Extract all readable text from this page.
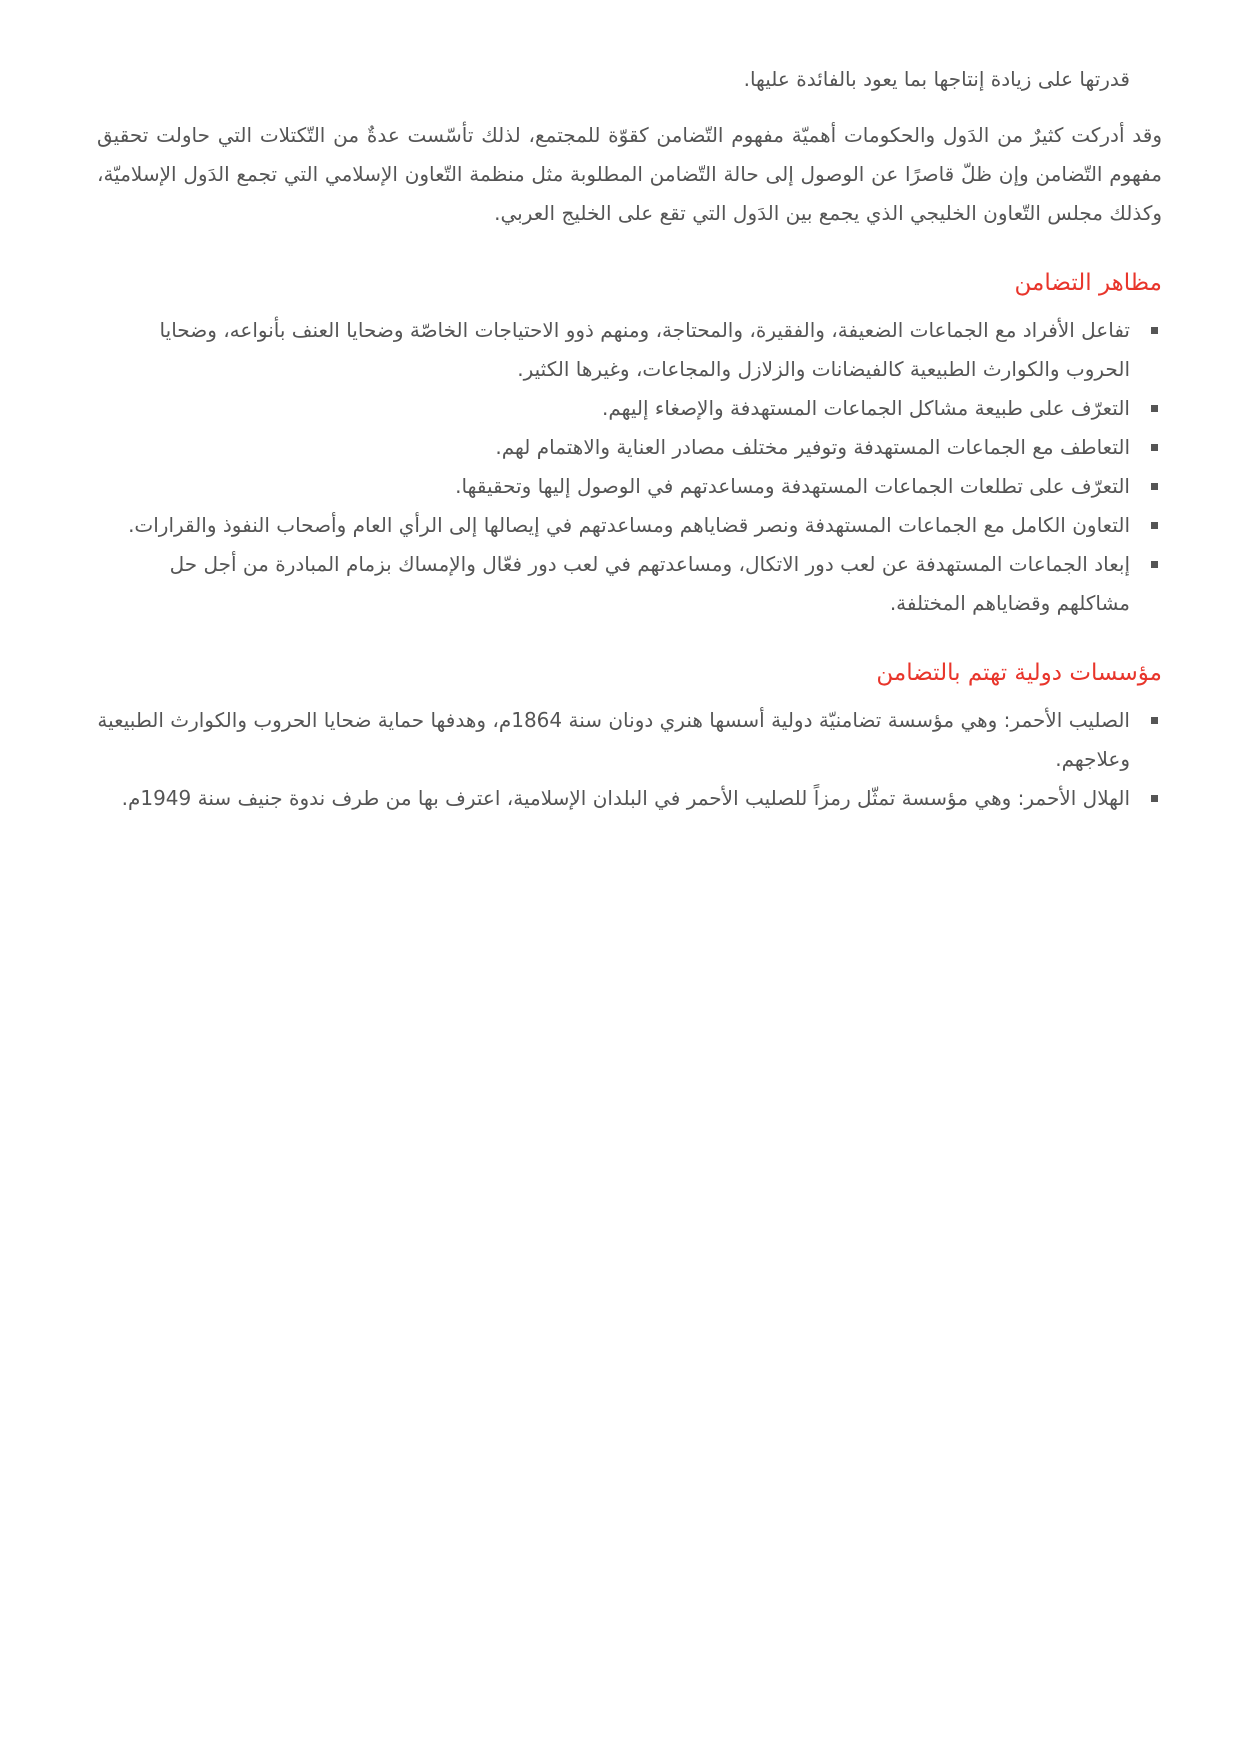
قدرتها على زيادة إنتاجها بما يعود بالفائدة عليها.

وقد أدركت كثيرٌ من الدَول والحكومات أهميّة مفهوم التّضامن كقوّة للمجتمع، لذلك تأسّست عدةٌ من التّكتلات التي حاولت تحقيق مفهوم التّضامن وإن ظلّ قاصرًا عن الوصول إلى حالة التّضامن المطلوبة مثل منظمة التّعاون الإسلامي التي تجمع الدَول الإسلاميّة، وكذلك مجلس التّعاون الخليجي الذي يجمع بين الدَول التي تقع على الخليج العربي.

مظاهر التضامن
تفاعل الأفراد مع الجماعات الضعيفة، والفقيرة، والمحتاجة، ومنهم ذوو الاحتياجات الخاصّة وضحايا العنف بأنواعه، وضحايا الحروب والكوارث الطبيعية كالفيضانات والزلازل والمجاعات، وغيرها الكثير.
التعرّف على طبيعة مشاكل الجماعات المستهدفة والإصغاء إليهم.
التعاطف مع الجماعات المستهدفة وتوفير مختلف مصادر العناية والاهتمام لهم.
التعرّف على تطلعات الجماعات المستهدفة ومساعدتهم في الوصول إليها وتحقيقها.
التعاون الكامل مع الجماعات المستهدفة ونصر قضاياهم ومساعدتهم في إيصالها إلى الرأي العام وأصحاب النفوذ والقرارات.
إبعاد الجماعات المستهدفة عن لعب دور الاتكال، ومساعدتهم في لعب دور فعّال والإمساك بزمام المبادرة من أجل حل مشاكلهم وقضاياهم المختلفة.
مؤسسات دولية تهتم بالتضامن
الصليب الأحمر: وهي مؤسسة تضامنيّة دولية أسسها هنري دونان سنة 1864م، وهدفها حماية ضحايا الحروب والكوارث الطبيعية وعلاجهم.
الهلال الأحمر: وهي مؤسسة تمثّل رمزاً للصليب الأحمر في البلدان الإسلامية، اعترف بها من طرف ندوة جنيف سنة 1949م.
